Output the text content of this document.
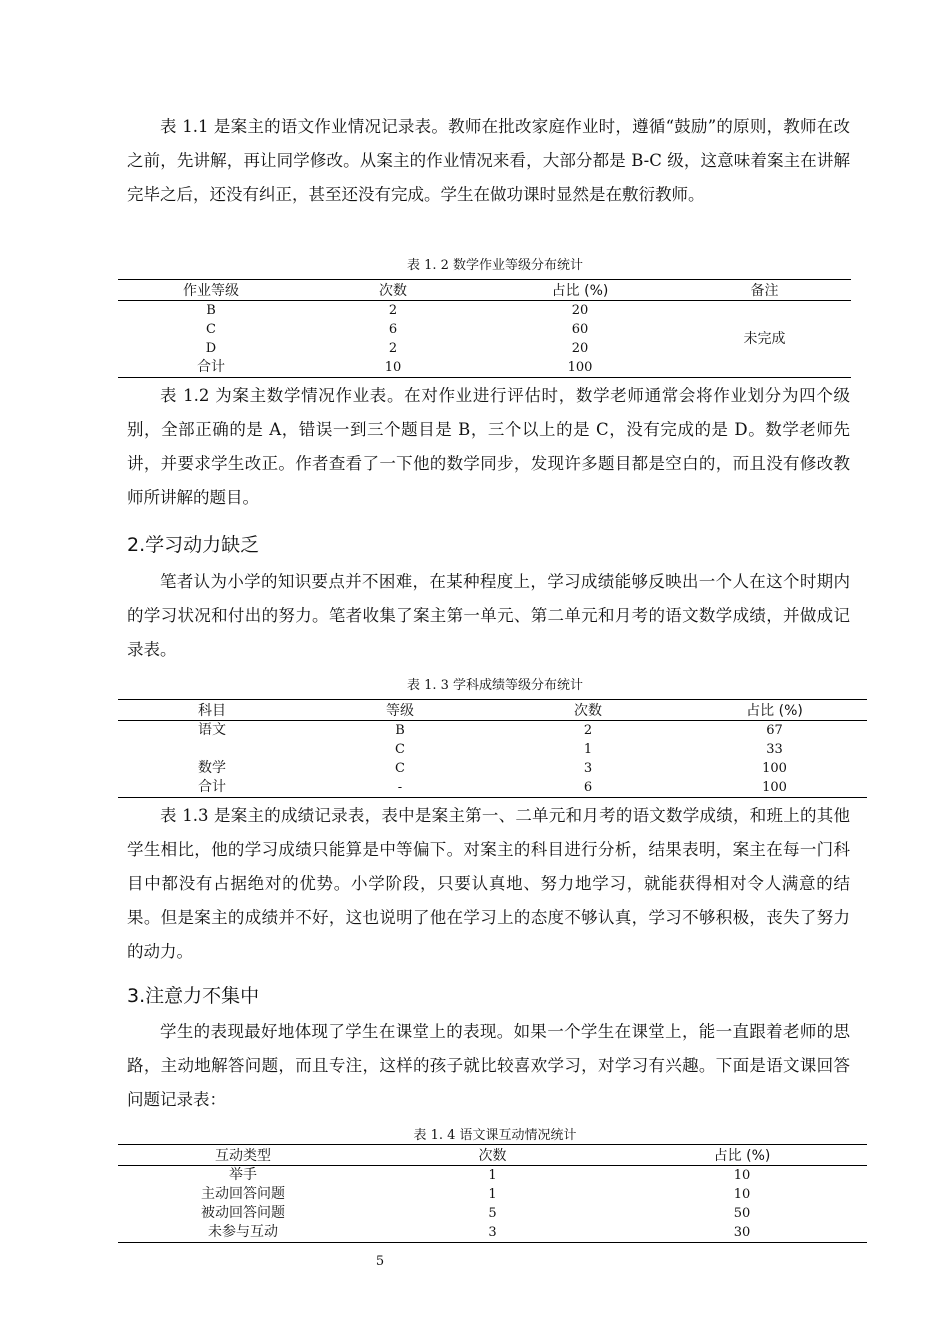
表 1.1 是案主的语文作业情况记录表。教师在批改家庭作业时，遵循“鼓励”的原则，教师在改之前，先讲解，再让同学修改。从案主的作业情况来看，大部分都是 B-C 级，这意味着案主在讲解完毕之后，还没有纠正，甚至还没有完成。学生在做功课时显然是在敷衍教师。

表 1. 2 数学作业等级分布统计
作业等级	次数	占比 (%)	备注
B	2	20	未完成
C	6	60	
D	2	20	
合计	10	100	

表 1.2 为案主数学情况作业表。在对作业进行评估时，数学老师通常会将作业划分为四个级别，全部正确的是 A，错误一到三个题目是 B，三个以上的是 C，没有完成的是 D。数学老师先讲，并要求学生改正。作者查看了一下他的数学同步，发现许多题目都是空白的，而且没有修改教师所讲解的题目。

2.学习动力缺乏

笔者认为小学的知识要点并不困难，在某种程度上，学习成绩能够反映出一个人在这个时期内的学习状况和付出的努力。笔者收集了案主第一单元、第二单元和月考的语文数学成绩，并做成记录表。

表 1. 3 学科成绩等级分布统计
科目	等级	次数	占比 (%)
语文	B	2	67
	C	1	33
数学	C	3	100
合计	-	6	100

表 1.3 是案主的成绩记录表，表中是案主第一、二单元和月考的语文数学成绩，和班上的其他学生相比，他的学习成绩只能算是中等偏下。对案主的科目进行分析，结果表明，案主在每一门科目中都没有占据绝对的优势。小学阶段，只要认真地、努力地学习，就能获得相对令人满意的结果。但是案主的成绩并不好，这也说明了他在学习上的态度不够认真，学习不够积极，丧失了努力的动力。

3.注意力不集中

学生的表现最好地体现了学生在课堂上的表现。如果一个学生在课堂上，能一直跟着老师的思路，主动地解答问题，而且专注，这样的孩子就比较喜欢学习，对学习有兴趣。下面是语文课回答问题记录表：

表 1. 4 语文课互动情况统计
互动类型	次数	占比 (%)
举手	1	10
主动回答问题	1	10
被动回答问题	5	50
未参与互动	3	30
5
